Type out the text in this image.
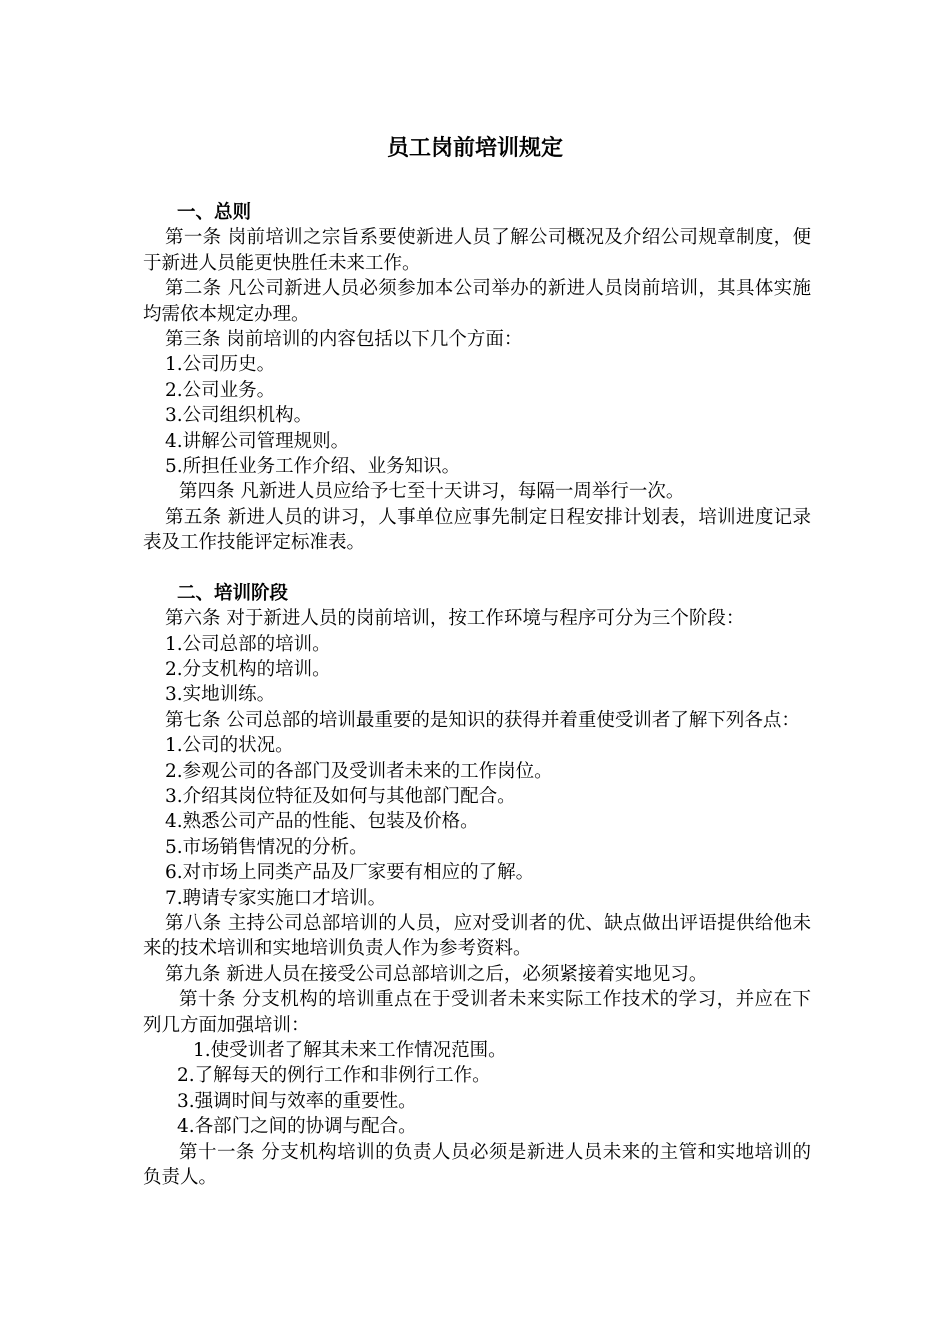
员工岗前培训规定

一、总则

第一条 岗前培训之宗旨系要使新进人员了解公司概况及介绍公司规章制度，便于新进人员能更快胜任未来工作。

第二条 凡公司新进人员必须参加本公司举办的新进人员岗前培训，其具体实施均需依本规定办理。

第三条 岗前培训的内容包括以下几个方面：

1.公司历史。

2.公司业务。

3.公司组织机构。

4.讲解公司管理规则。

5.所担任业务工作介绍、业务知识。

第四条 凡新进人员应给予七至十天讲习，每隔一周举行一次。

第五条 新进人员的讲习，人事单位应事先制定日程安排计划表，培训进度记录表及工作技能评定标准表。

二、培训阶段

第六条 对于新进人员的岗前培训，按工作环境与程序可分为三个阶段：

1.公司总部的培训。

2.分支机构的培训。

3.实地训练。

第七条 公司总部的培训最重要的是知识的获得并着重使受训者了解下列各点：

1.公司的状况。

2.参观公司的各部门及受训者未来的工作岗位。

3.介绍其岗位特征及如何与其他部门配合。

4.熟悉公司产品的性能、包装及价格。

5.市场销售情况的分析。

6.对市场上同类产品及厂家要有相应的了解。

7.聘请专家实施口才培训。

第八条 主持公司总部培训的人员，应对受训者的优、缺点做出评语提供给他未来的技术培训和实地培训负责人作为参考资料。

第九条 新进人员在接受公司总部培训之后，必须紧接着实地见习。

第十条 分支机构的培训重点在于受训者未来实际工作技术的学习，并应在下列几方面加强培训：

1.使受训者了解其未来工作情况范围。

2.了解每天的例行工作和非例行工作。

3.强调时间与效率的重要性。

4.各部门之间的协调与配合。

第十一条 分支机构培训的负责人员必须是新进人员未来的主管和实地培训的负责人。
